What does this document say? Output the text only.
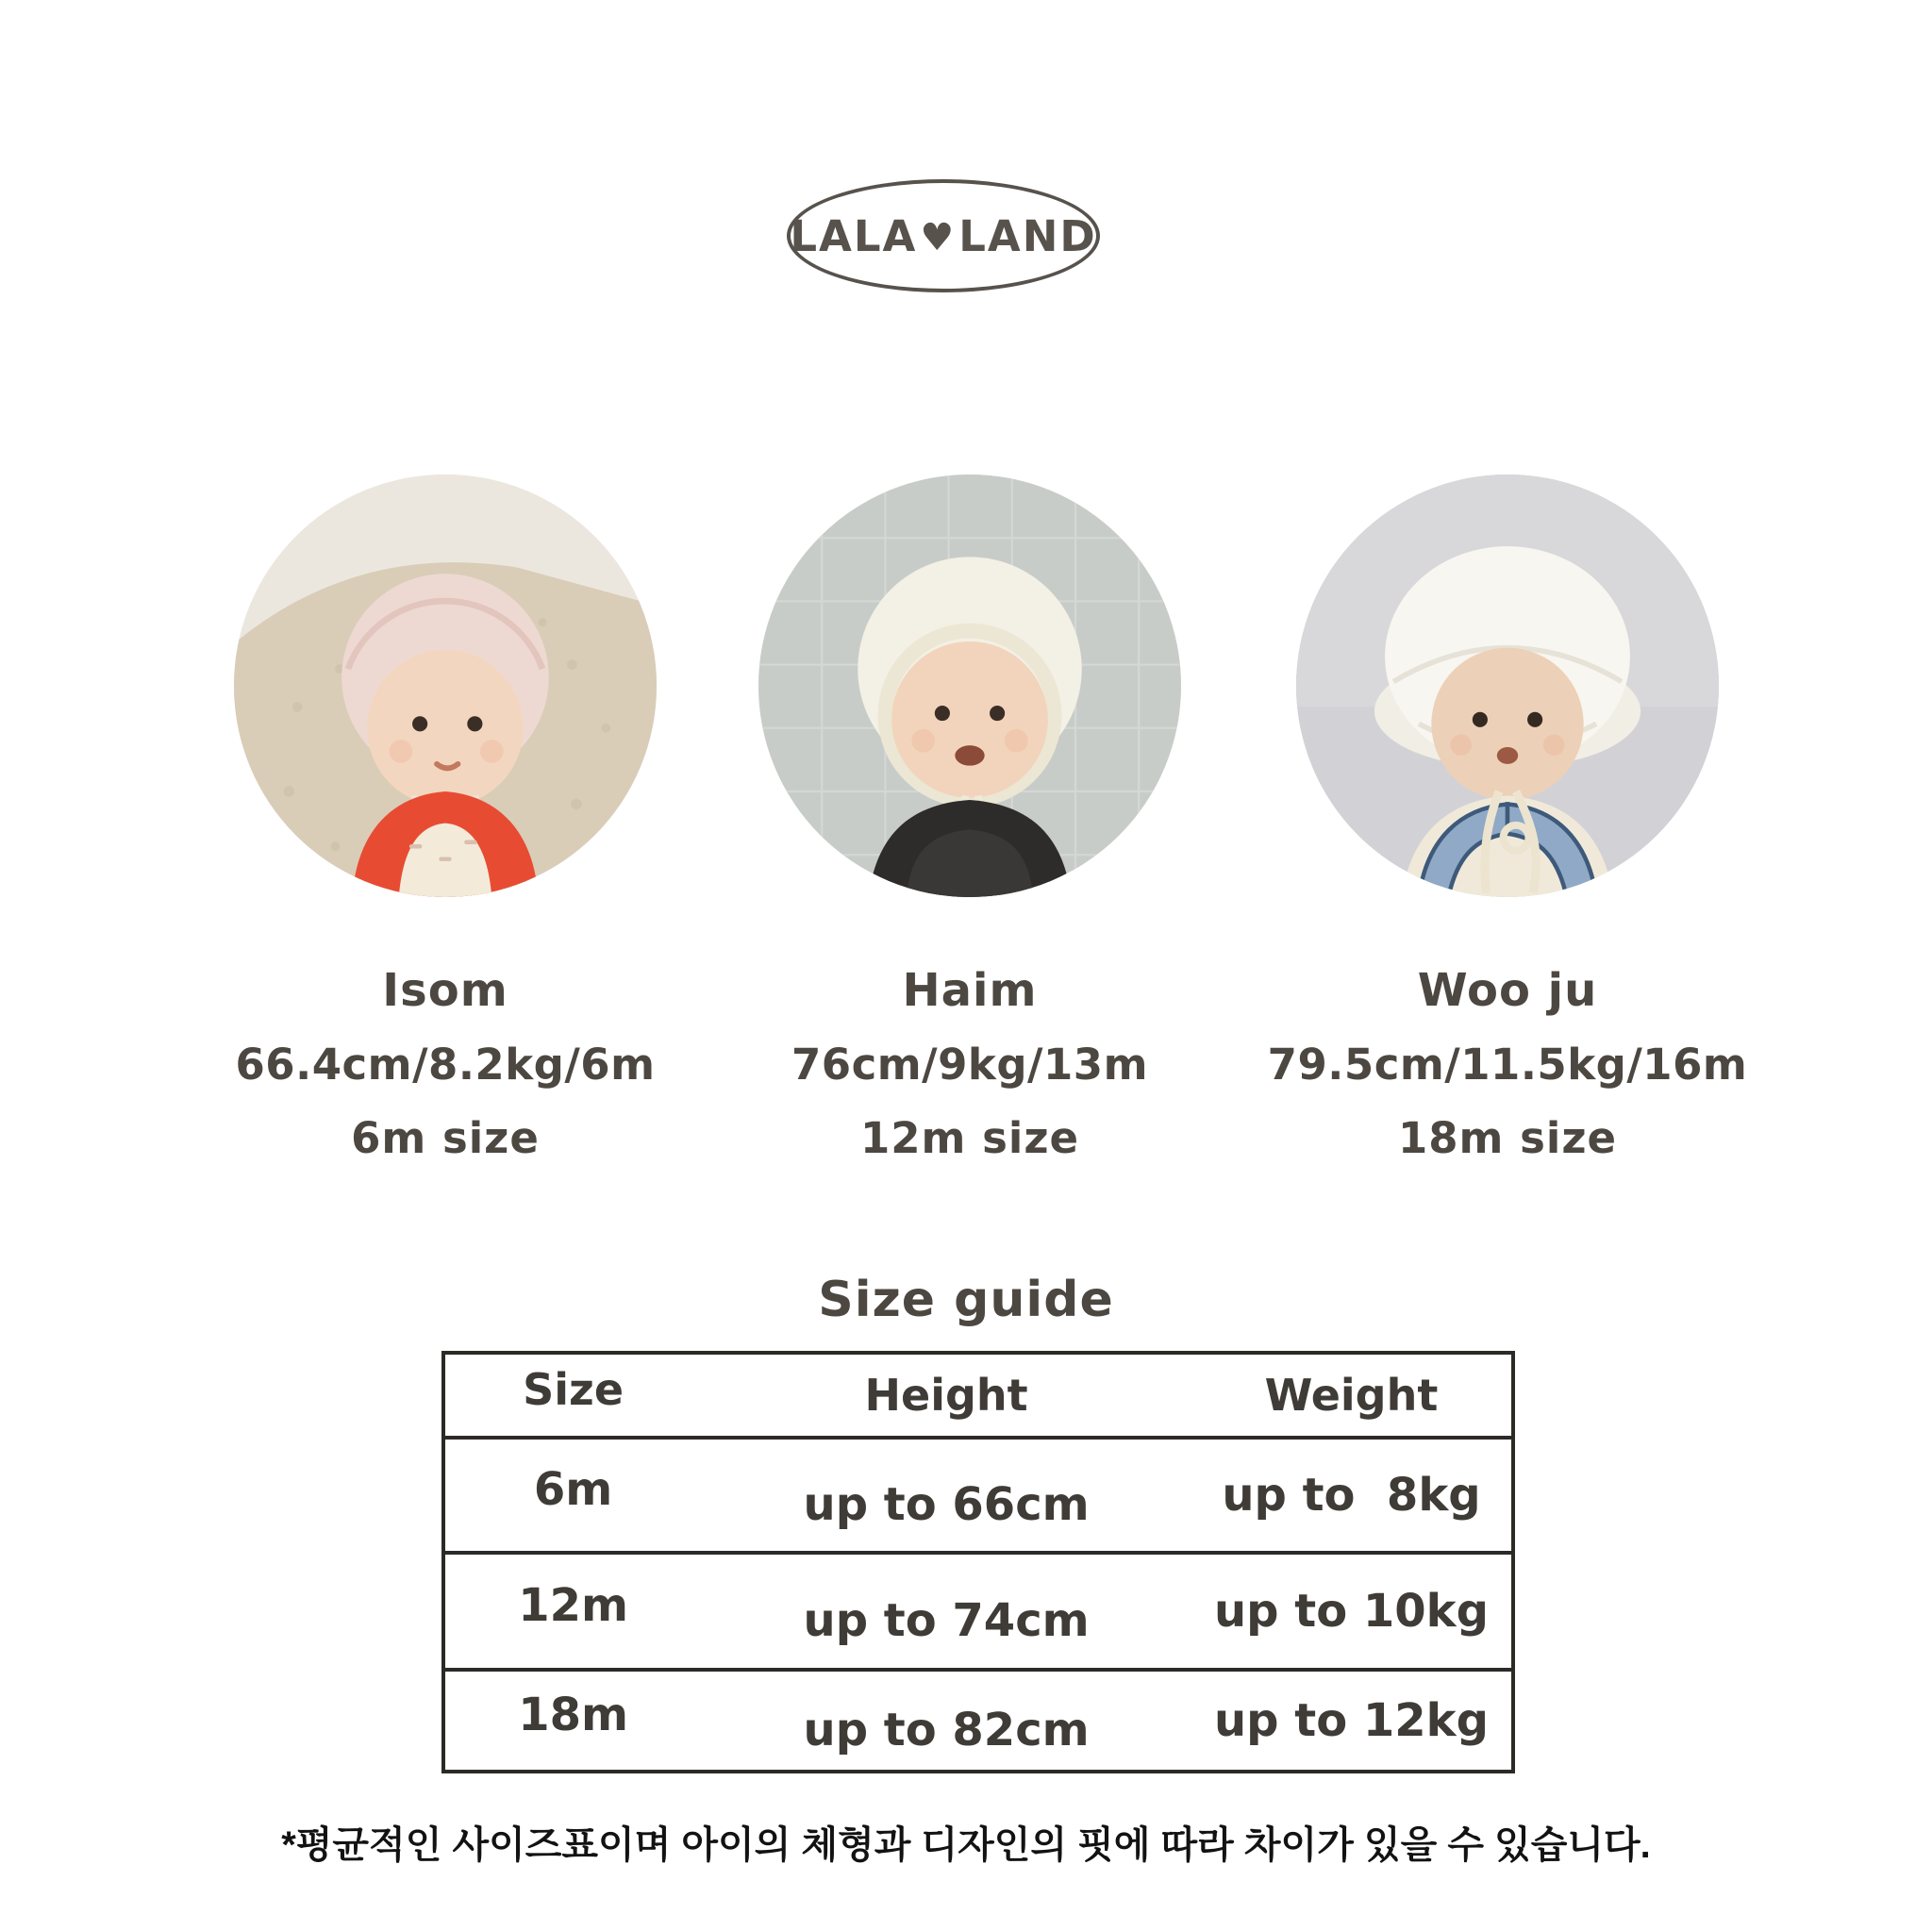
LALA ♥ LAND
Isom
66.4cm/8.2kg/6m
6m size
Haim
76cm/9kg/13m
12m size
Woo ju
79.5cm/11.5kg/16m
18m size
Size guide
Size	Height	Weight
6m	up to 66cm	up to  8kg
12m	up to 74cm	up to 10kg
18m	up to 82cm	up to 12kg
*평균적인 사이즈표이며 아이의 체형과 디자인의 핏에 따라 차이가 있을 수 있습니다.
